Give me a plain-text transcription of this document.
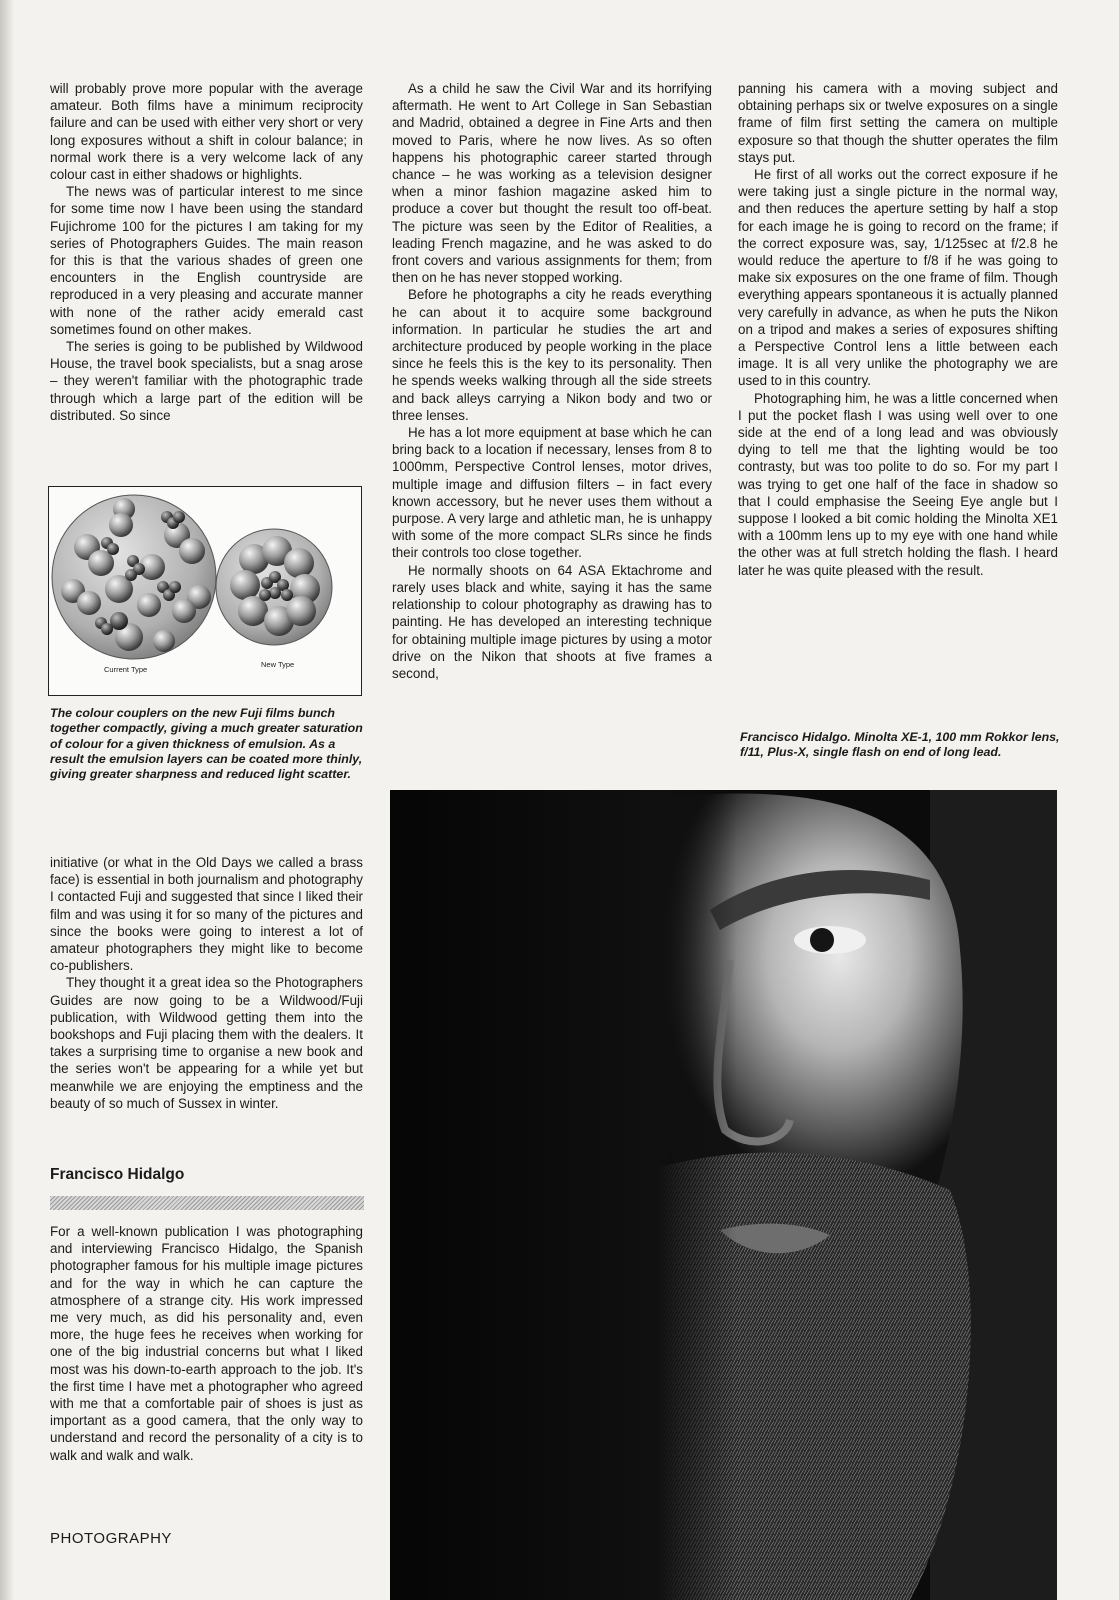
will probably prove more popular with the average amateur. Both films have a minimum reciprocity failure and can be used with either very short or very long exposures without a shift in colour balance; in normal work there is a very welcome lack of any colour cast in either shadows or highlights.

The news was of particular interest to me since for some time now I have been using the standard Fujichrome 100 for the pictures I am taking for my series of Photographers Guides. The main reason for this is that the various shades of green one encounters in the English countryside are reproduced in a very pleasing and accurate manner with none of the rather acidy emerald cast sometimes found on other makes.

The series is going to be published by Wildwood House, the travel book specialists, but a snag arose – they weren't familiar with the photographic trade through which a large part of the edition will be distributed. So since

Current Type
New Type
The colour couplers on the new Fuji films bunch together compactly, giving a much greater saturation of colour for a given thickness of emulsion. As a result the emulsion layers can be coated more thinly, giving greater sharpness and reduced light scatter.

initiative (or what in the Old Days we called a brass face) is essential in both journalism and photography I contacted Fuji and suggested that since I liked their film and was using it for so many of the pictures and since the books were going to interest a lot of amateur photographers they might like to become co-publishers.

They thought it a great idea so the Photographers Guides are now going to be a Wildwood/Fuji publication, with Wildwood getting them into the bookshops and Fuji placing them with the dealers. It takes a surprising time to organise a new book and the series won't be appearing for a while yet but meanwhile we are enjoying the emptiness and the beauty of so much of Sussex in winter.

Francisco Hidalgo

For a well-known publication I was photographing and interviewing Francisco Hidalgo, the Spanish photographer famous for his multiple image pictures and for the way in which he can capture the atmosphere of a strange city. His work impressed me very much, as did his personality and, even more, the huge fees he receives when working for one of the big industrial concerns but what I liked most was his down-to-earth approach to the job. It's the first time I have met a photographer who agreed with me that a comfortable pair of shoes is just as important as a good camera, that the only way to understand and record the personality of a city is to walk and walk and walk.

As a child he saw the Civil War and its horrifying aftermath. He went to Art College in San Sebastian and Madrid, obtained a degree in Fine Arts and then moved to Paris, where he now lives. As so often happens his photographic career started through chance – he was working as a television designer when a minor fashion magazine asked him to produce a cover but thought the result too off-beat. The picture was seen by the Editor of Realities, a leading French magazine, and he was asked to do front covers and various assignments for them; from then on he has never stopped working.

Before he photographs a city he reads everything he can about it to acquire some background information. In particular he studies the art and architecture produced by people working in the place since he feels this is the key to its personality. Then he spends weeks walking through all the side streets and back alleys carrying a Nikon body and two or three lenses.

He has a lot more equipment at base which he can bring back to a location if necessary, lenses from 8 to 1000mm, Perspective Control lenses, motor drives, multiple image and diffusion filters – in fact every known accessory, but he never uses them without a purpose. A very large and athletic man, he is unhappy with some of the more compact SLRs since he finds their controls too close together.

He normally shoots on 64 ASA Ektachrome and rarely uses black and white, saying it has the same relationship to colour photography as drawing has to painting. He has developed an interesting technique for obtaining multiple image pictures by using a motor drive on the Nikon that shoots at five frames a second,

panning his camera with a moving subject and obtaining perhaps six or twelve exposures on a single frame of film first setting the camera on multiple exposure so that though the shutter operates the film stays put.

He first of all works out the correct exposure if he were taking just a single picture in the normal way, and then reduces the aperture setting by half a stop for each image he is going to record on the frame; if the correct exposure was, say, 1/125sec at f/2.8 he would reduce the aperture to f/8 if he was going to make six exposures on the one frame of film. Though everything appears spontaneous it is actually planned very carefully in advance, as when he puts the Nikon on a tripod and makes a series of exposures shifting a Perspective Control lens a little between each image. It is all very unlike the photography we are used to in this country.

Photographing him, he was a little concerned when I put the pocket flash I was using well over to one side at the end of a long lead and was obviously dying to tell me that the lighting would be too contrasty, but was too polite to do so. For my part I was trying to get one half of the face in shadow so that I could emphasise the Seeing Eye angle but I suppose I looked a bit comic holding the Minolta XE1 with a 100mm lens up to my eye with one hand while the other was at full stretch holding the flash. I heard later he was quite pleased with the result.

Francisco Hidalgo. Minolta XE-1, 100 mm Rokkor lens, f/11, Plus-X, single flash on end of long lead.
PHOTOGRAPHY
